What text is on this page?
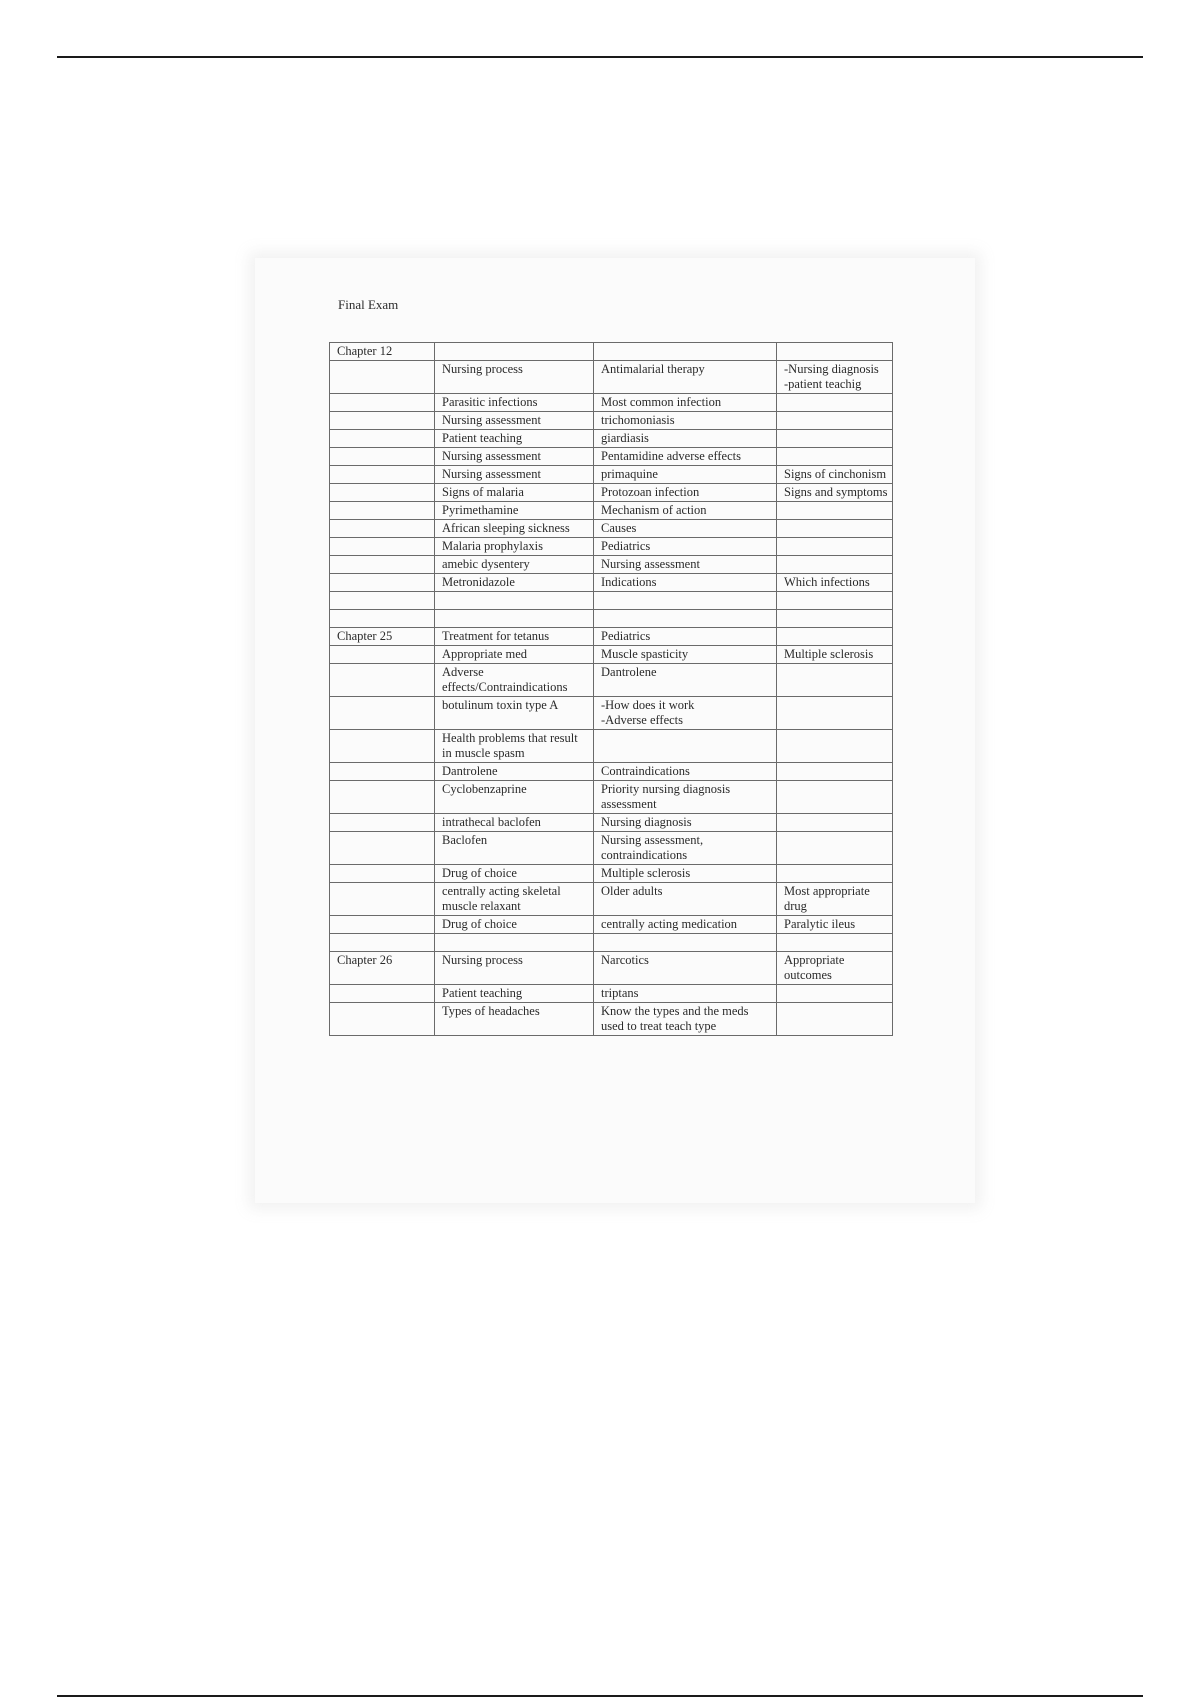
Final Exam
Chapter 12			
	Nursing process	Antimalarial therapy	-Nursing diagnosis
-patient teachig
	Parasitic infections	Most common infection	
	Nursing assessment	trichomoniasis	
	Patient teaching	giardiasis	
	Nursing assessment	Pentamidine adverse effects	
	Nursing assessment	primaquine	Signs of cinchonism
	Signs of malaria	Protozoan infection	Signs and symptoms
	Pyrimethamine	Mechanism of action	
	African sleeping sickness	Causes	
	Malaria prophylaxis	Pediatrics	
	amebic dysentery	Nursing assessment	
	Metronidazole	Indications	Which infections

Chapter 25	Treatment for tetanus	Pediatrics	
	Appropriate med	Muscle spasticity	Multiple sclerosis
	Adverse effects/Contraindications	Dantrolene	
	botulinum toxin type A	-How does it work
-Adverse effects	
	Health problems that result in muscle spasm		
	Dantrolene	Contraindications	
	Cyclobenzaprine	Priority nursing diagnosis assessment	
	intrathecal baclofen	Nursing diagnosis	
	Baclofen	Nursing assessment, contraindications	
	Drug of choice	Multiple sclerosis	
	centrally acting skeletal muscle relaxant	Older adults	Most appropriate drug
	Drug of choice	centrally acting medication	Paralytic ileus

Chapter 26	Nursing process	Narcotics	Appropriate outcomes
	Patient teaching	triptans	
	Types of headaches	Know the types and the meds used to treat teach type	
